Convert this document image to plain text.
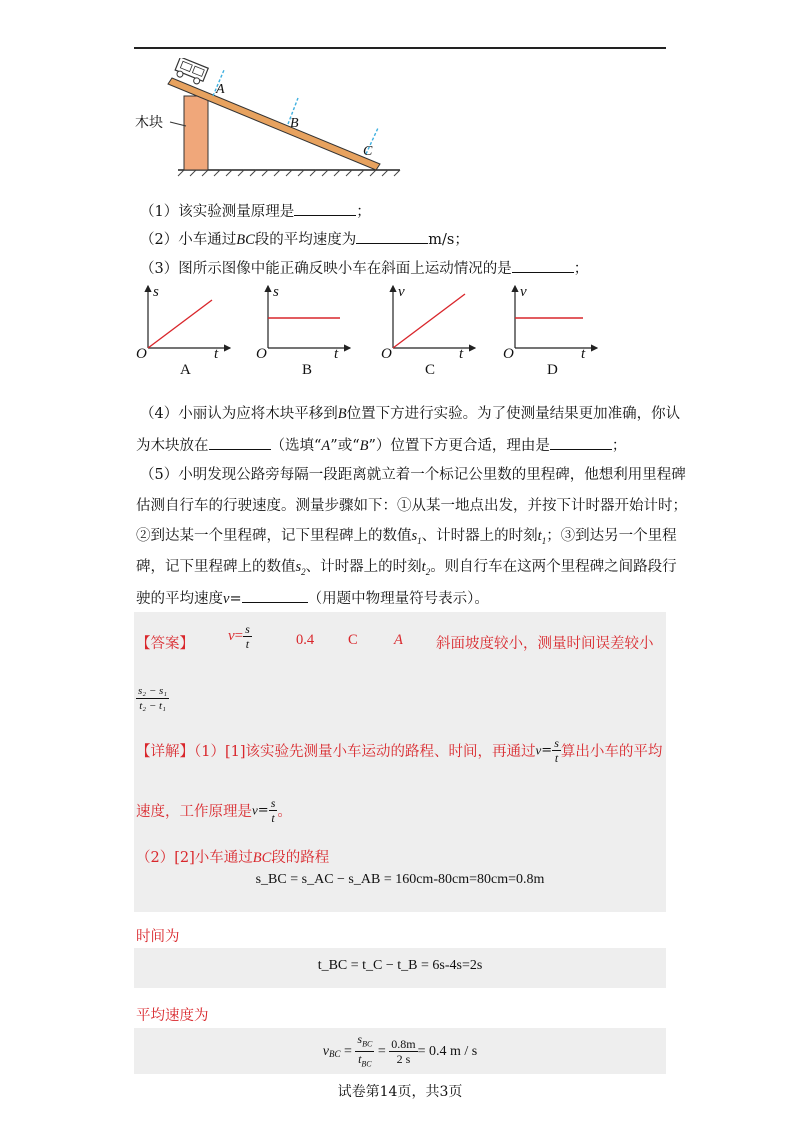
A
B
C
木块
（1）该实验测量原理是	；
（2）小车通过BC段的平均速度为	m/s；
（3）图所示图像中能正确反映小车在斜面上运动情况的是	；
s
t
O
A
s
t
O
B
v
t
O
C
v
t
O
D
（4）小丽认为应将木块平移到B位置下方进行实验。为了使测量结果更加准确，你认
为木块放在	（选填“A”或“B”）位置下方更合适，理由是	；
（5）小明发现公路旁每隔一段距离就立着一个标记公里数的里程碑，他想利用里程碑
估测自行车的行驶速度。测量步骤如下：①从某一地点出发，并按下计时器开始计时；
②到达某一个里程碑，记下里程碑上的数值$s_1$、计时器上的时刻$t_1$；③到达另一个里程
碑，记下里程碑上的数值$s_2$、计时器上的时刻$t_2$。则自行车在这两个里程碑之间路段行
驶的平均速度v=	（用题中物理量符号表示）。
【答案】 $v= \frac{s}{t}$	0.4 C	A 斜面坡度较小，测量时间误差较小
$\frac{\text{s₂ − s₁}}{\text{t₂ − t₁}}$
【详解】（1）[1]该实验先测量小车运动的路程、时间，再通过$v= \frac{s}{t}$ 算出小车的平均
速度，工作原理是$v= \frac{s}{t}$ 。
（2）[2]小车通过BC段的路程
s_BC = s_AC − s_AB = 160cm-80cm=80cm=0.8m
时间为
t_BC = t_C − t_B = 6s-4s=2s
平均速度为
$v_{BC} = \frac{s_{BC}}{t_{BC}} = \frac{0.8m}{2 s} = 0.4$ m / s
试卷第14页，共3页
